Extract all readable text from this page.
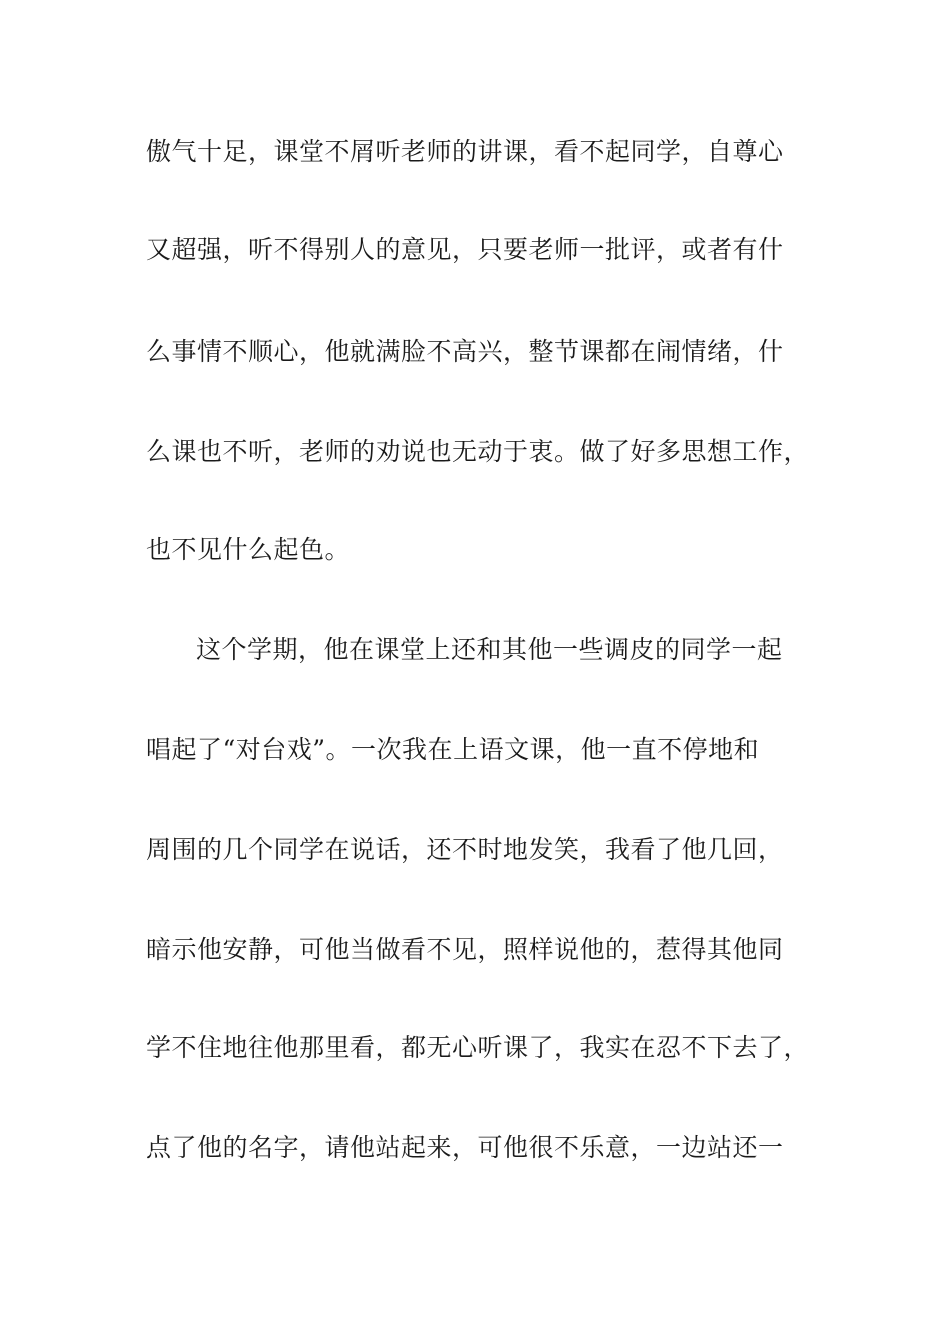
傲气十足，课堂不屑听老师的讲课，看不起同学，自尊心
又超强，听不得别人的意见，只要老师一批评，或者有什
么事情不顺心，他就满脸不高兴，整节课都在闹情绪，什
么课也不听，老师的劝说也无动于衷。做了好多思想工作，
也不见什么起色。
这个学期，他在课堂上还和其他一些调皮的同学一起
唱起了“对台戏”。一次我在上语文课，他一直不停地和
周围的几个同学在说话，还不时地发笑，我看了他几回，
暗示他安静，可他当做看不见，照样说他的，惹得其他同
学不住地往他那里看，都无心听课了，我实在忍不下去了，
点了他的名字，请他站起来，可他很不乐意，一边站还一
